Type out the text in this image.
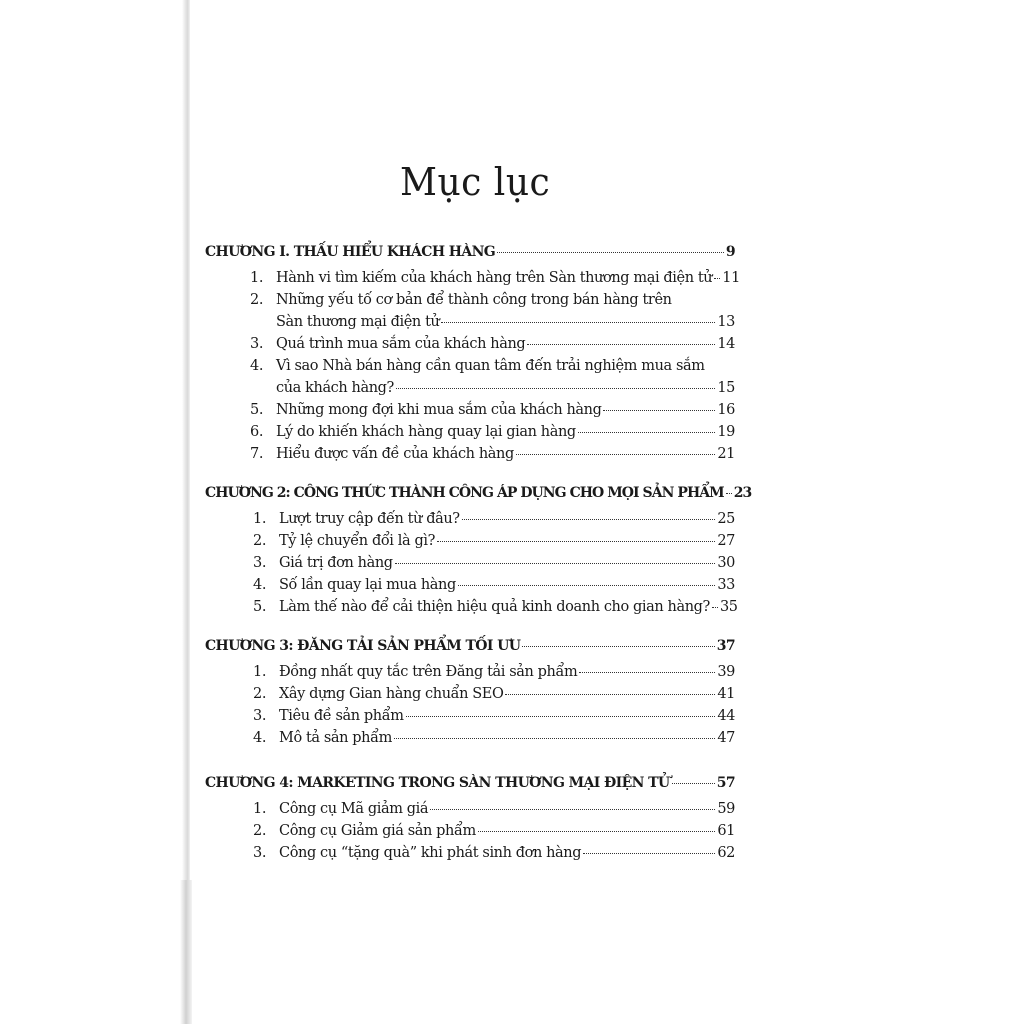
Mục lục
CHƯƠNG I. THẤU HIỂU KHÁCH HÀNG	9
1. Hành vi tìm kiếm của khách hàng trên Sàn thương mại điện tử 11
2. Những yếu tố cơ bản để thành công trong bán hàng trên
Sàn thương mại điện tử	13
3. Quá trình mua sắm của khách hàng	14
4. Vì sao Nhà bán hàng cần quan tâm đến trải nghiệm mua sắm
của khách hàng?	15
5. Những mong đợi khi mua sắm của khách hàng	16
6. Lý do khiến khách hàng quay lại gian hàng	19
7. Hiểu được vấn đề của khách hàng	21
CHƯƠNG 2: CÔNG THỨC THÀNH CÔNG ÁP DỤNG CHO MỌI SẢN PHẨM 23
1. Lượt truy cập đến từ đâu?	25
2. Tỷ lệ chuyển đổi là gì?	27
3. Giá trị đơn hàng	30
4. Số lần quay lại mua hàng	33
5. Làm thế nào để cải thiện hiệu quả kinh doanh cho gian hàng? 35
CHƯƠNG 3: ĐĂNG TẢI SẢN PHẨM TỐI ƯU	37
1. Đồng nhất quy tắc trên Đăng tải sản phẩm	39
2. Xây dựng Gian hàng chuẩn SEO	41
3. Tiêu đề sản phẩm	44
4. Mô tả sản phẩm	47
CHƯƠNG 4: MARKETING TRONG SÀN THƯƠNG MẠI ĐIỆN TỬ	57
1. Công cụ Mã giảm giá	59
2. Công cụ Giảm giá sản phẩm	61
3. Công cụ “tặng quà” khi phát sinh đơn hàng	62
